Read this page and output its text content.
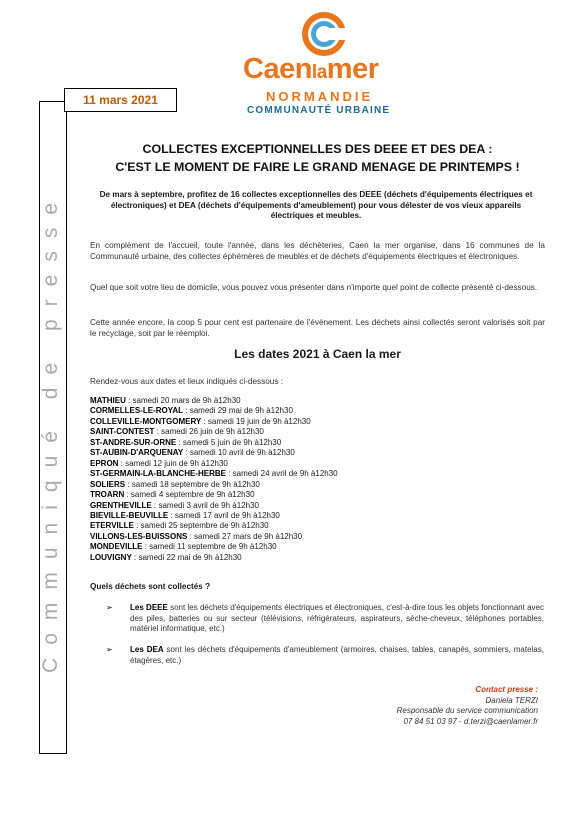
Caenlamer
NORMANDIE
COMMUNAUTÉ URBAINE
11 mars 2021
Communiqué de presse
COLLECTES EXCEPTIONNELLES DES DEEE ET DES DEA :
C'EST LE MOMENT DE FAIRE LE GRAND MENAGE DE PRINTEMPS !
De mars à septembre, profitez de 16 collectes exceptionnelles des DEEE (déchets d'équipements électriques et électroniques) et DEA (déchets d'équipements d'ameublement) pour vous délester de vos vieux appareils électriques et meubles.
En complément de l'accueil, toute l'année, dans les déchèteries, Caen la mer organise, dans 16 communes de la Communauté urbaine, des collectes éphémères de meubles et de déchets d'équipements électriques et électroniques.
Quel que soit votre lieu de domicile, vous pouvez vous présenter dans n'importe quel point de collecte présenté ci-dessous.
Cette année encore, la coop 5 pour cent est partenaire de l'évènement. Les déchets ainsi collectés seront valorisés soit par le recyclage, soit par le réemploi.
Les dates 2021 à Caen la mer
Rendez-vous aux dates et lieux indiqués ci-dessous :
MATHIEU : samedi 20 mars de 9h à12h30
CORMELLES-LE-ROYAL : samedi 29 mai de 9h à12h30
COLLEVILLE-MONTGOMERY : samedi 19 juin de 9h à12h30
SAINT-CONTEST : samedi 26 juin de 9h à12h30
ST-ANDRE-SUR-ORNE : samedi 5 juin de 9h à12h30
ST-AUBIN-D'ARQUENAY : samedi 10 avril de 9h à12h30
EPRON : samedi 12 juin de 9h à12h30
ST-GERMAIN-LA-BLANCHE-HERBE : samedi 24 avril de 9h à12h30
SOLIERS : samedi 18 septembre de 9h à12h30
TROARN : samedi 4 septembre de 9h à12h30
GRENTHEVILLE : samedi 3 avril de 9h à12h30
BIEVILLE-BEUVILLE : samedi 17 avril de 9h à12h30
ETERVILLE : samedi 25 septembre de 9h à12h30
VILLONS-LES-BUISSONS : samedi 27 mars de 9h à12h30
MONDEVILLE : samedi 11 septembre de 9h à12h30
LOUVIGNY : samedi 22 mai de 9h à12h30
Quels déchets sont collectés ?
➢ Les DEEE sont les déchets d'équipements électriques et électroniques, c'est-à-dire tous les objets fonctionnant avec des piles, batteries ou sur secteur (télévisions, réfrigérateurs, aspirateurs, sèche-cheveux, téléphones portables, matériel informatique, etc.)
➢ Les DEA sont les déchets d'équipements d'ameublement (armoires, chaises, tables, canapés, sommiers, matelas, étagères, etc.)
Contact presse :
Daniela TERZI
Responsable du service communication
07 84 51 03 97 - d.terzi@caenlamer.fr
